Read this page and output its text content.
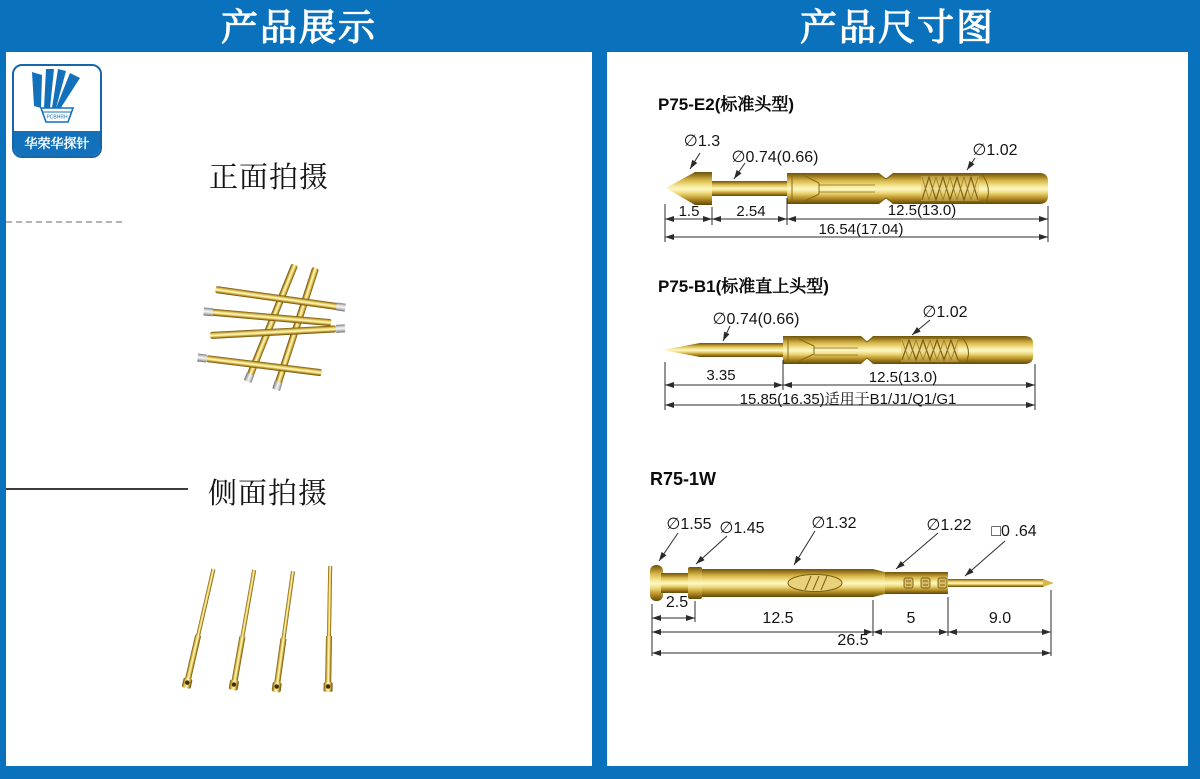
产品展示	产品尺寸图
PCBHRH
华荣华探针
正面拍摄
侧面拍摄
P75-E2(标准头型)
∅1.3
∅0.74(0.66)	∅1.02
1.5 2.54	12.5(13.0)
16.54(17.04)
P75-B1(标准直上头型)
∅0.74(0.66)	∅1.02
3.35	12.5(13.0)
15.85(16.35)适用于B1/J1/Q1/G1
R75-1W
∅1.55 ∅1.45	∅1.32	∅1.22 □0 .64
2.5
12.5	5	9.0
26.5
